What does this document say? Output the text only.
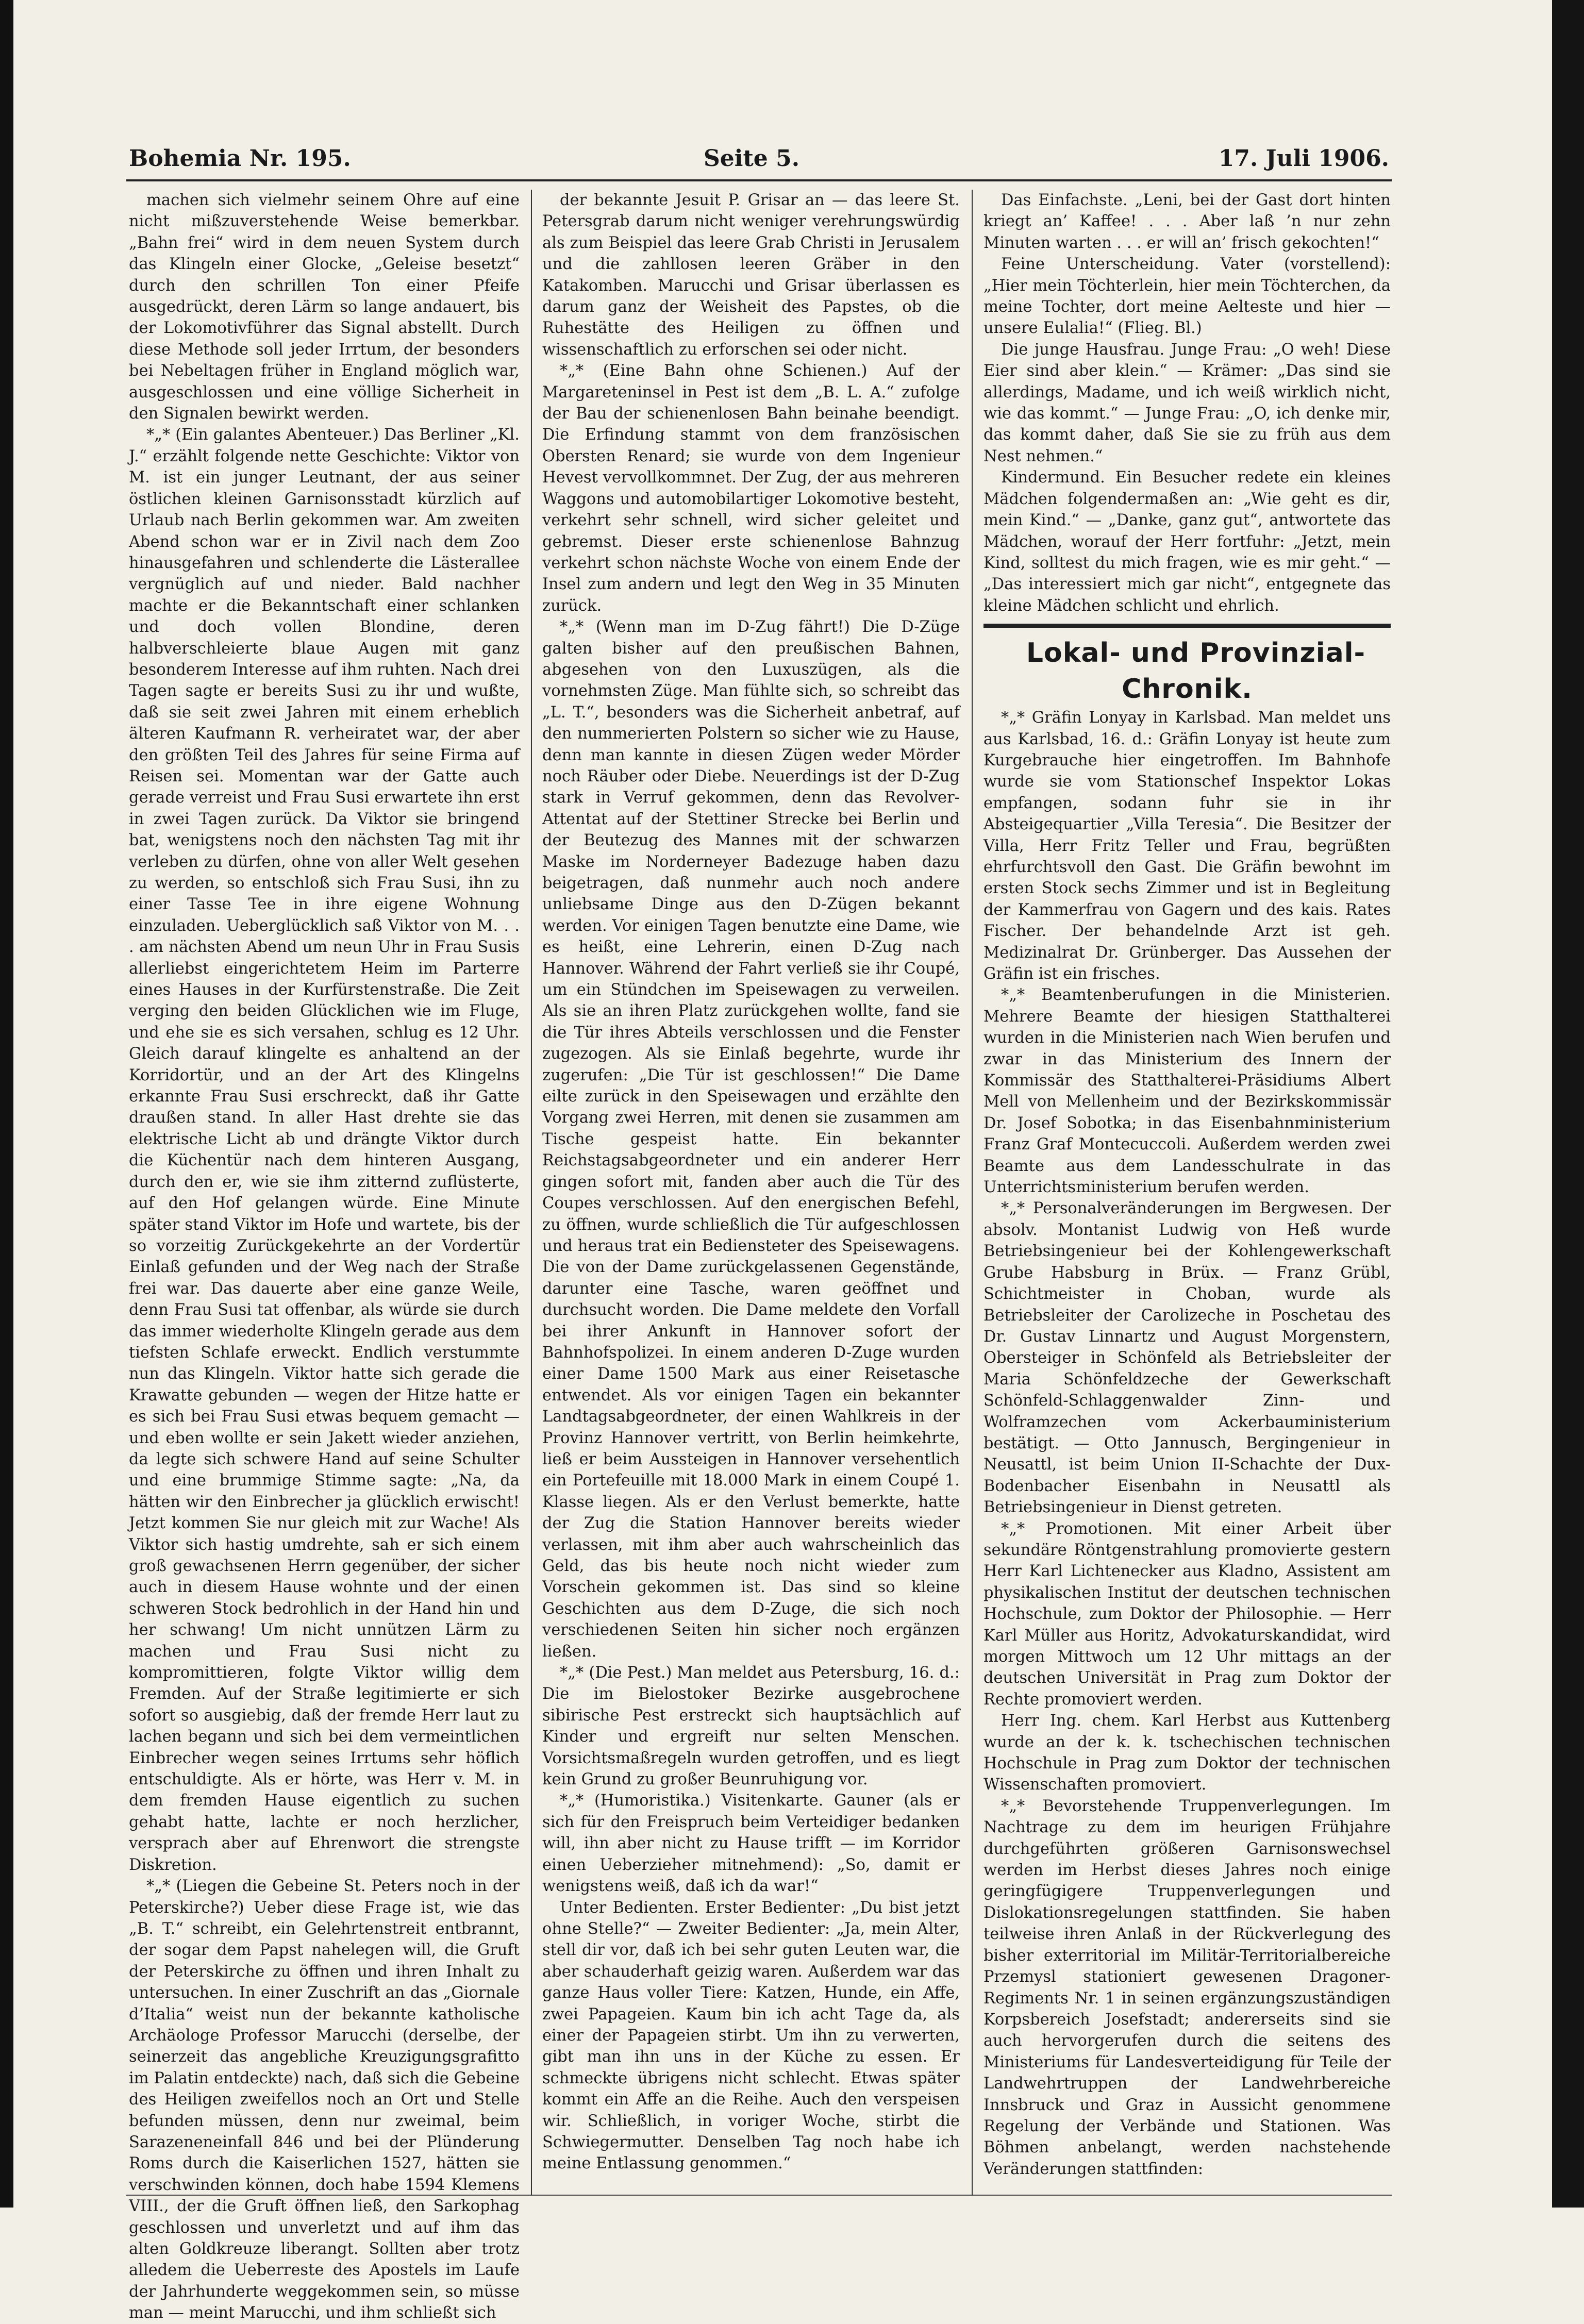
Bohemia Nr. 195.	Seite 5.	17. Juli 1906.

machen sich vielmehr seinem Ohre auf eine nicht mißzuverstehende Weise bemerkbar. „Bahn frei“ wird in dem neuen System durch das Klingeln einer Glocke, „Geleise besetzt“ durch den schrillen Ton einer Pfeife ausgedrückt, deren Lärm so lange andauert, bis der Lokomotivführer das Signal abstellt. Durch diese Methode soll jeder Irrtum, der besonders bei Nebeltagen früher in England möglich war, ausgeschlossen und eine völlige Sicherheit in den Signalen bewirkt werden.

*„* (Ein galantes Abenteuer.) Das Berliner „Kl. J.“ erzählt folgende nette Geschichte: Viktor von M. ist ein junger Leutnant, der aus seiner östlichen kleinen Garnisonsstadt kürzlich auf Urlaub nach Berlin gekommen war. Am zweiten Abend schon war er in Zivil nach dem Zoo hinausgefahren und schlenderte die Lästerallee vergnüglich auf und nieder. Bald nachher machte er die Bekanntschaft einer schlanken und doch vollen Blondine, deren halbverschleierte blaue Augen mit ganz besonderem Interesse auf ihm ruhten. Nach drei Tagen sagte er bereits Susi zu ihr und wußte, daß sie seit zwei Jahren mit einem erheblich älteren Kaufmann R. verheiratet war, der aber den größten Teil des Jahres für seine Firma auf Reisen sei. Momentan war der Gatte auch gerade verreist und Frau Susi erwartete ihn erst in zwei Tagen zurück. Da Viktor sie bringend bat, wenigstens noch den nächsten Tag mit ihr verleben zu dürfen, ohne von aller Welt gesehen zu werden, so entschloß sich Frau Susi, ihn zu einer Tasse Tee in ihre eigene Wohnung einzuladen. Ueberglücklich saß Viktor von M. . . . am nächsten Abend um neun Uhr in Frau Susis allerliebst eingerichtetem Heim im Parterre eines Hauses in der Kurfürstenstraße. Die Zeit verging den beiden Glücklichen wie im Fluge, und ehe sie es sich versahen, schlug es 12 Uhr. Gleich darauf klingelte es anhaltend an der Korridortür, und an der Art des Klingelns erkannte Frau Susi erschreckt, daß ihr Gatte draußen stand. In aller Hast drehte sie das elektrische Licht ab und drängte Viktor durch die Küchentür nach dem hinteren Ausgang, durch den er, wie sie ihm zitternd zuflüsterte, auf den Hof gelangen würde. Eine Minute später stand Viktor im Hofe und wartete, bis der so vorzeitig Zurückgekehrte an der Vordertür Einlaß gefunden und der Weg nach der Straße frei war. Das dauerte aber eine ganze Weile, denn Frau Susi tat offenbar, als würde sie durch das immer wiederholte Klingeln gerade aus dem tiefsten Schlafe erweckt. Endlich verstummte nun das Klingeln. Viktor hatte sich gerade die Krawatte gebunden — wegen der Hitze hatte er es sich bei Frau Susi etwas bequem gemacht — und eben wollte er sein Jakett wieder anziehen, da legte sich schwere Hand auf seine Schulter und eine brummige Stimme sagte: „Na, da hätten wir den Einbrecher ja glücklich erwischt! Jetzt kommen Sie nur gleich mit zur Wache! Als Viktor sich hastig umdrehte, sah er sich einem groß gewachsenen Herrn gegenüber, der sicher auch in diesem Hause wohnte und der einen schweren Stock bedrohlich in der Hand hin und her schwang! Um nicht unnützen Lärm zu machen und Frau Susi nicht zu kompromittieren, folgte Viktor willig dem Fremden. Auf der Straße legitimierte er sich sofort so ausgiebig, daß der fremde Herr laut zu lachen begann und sich bei dem vermeintlichen Einbrecher wegen seines Irrtums sehr höflich entschuldigte. Als er hörte, was Herr v. M. in dem fremden Hause eigentlich zu suchen gehabt hatte, lachte er noch herzlicher, versprach aber auf Ehrenwort die strengste Diskretion.

*„* (Liegen die Gebeine St. Peters noch in der Peterskirche?) Ueber diese Frage ist, wie das „B. T.“ schreibt, ein Gelehrtenstreit entbrannt, der sogar dem Papst nahelegen will, die Gruft der Peterskirche zu öffnen und ihren Inhalt zu untersuchen. In einer Zuschrift an das „Giornale d’Italia“ weist nun der bekannte katholische Archäologe Professor Marucchi (derselbe, der seinerzeit das angebliche Kreuzigungsgrafitto im Palatin entdeckte) nach, daß sich die Gebeine des Heiligen zweifellos noch an Ort und Stelle befunden müssen, denn nur zweimal, beim Sarazeneneinfall 846 und bei der Plünderung Roms durch die Kaiserlichen 1527, hätten sie verschwinden können, doch habe 1594 Klemens VIII., der die Gruft öffnen ließ, den Sarkophag geschlossen und unverletzt und auf ihm das alten Goldkreuze liberangt. Sollten aber trotz alledem die Ueberreste des Apostels im Laufe der Jahrhunderte weggekommen sein, so müsse man — meint Marucchi, und ihm schließt sich

der bekannte Jesuit P. Grisar an — das leere St. Petersgrab darum nicht weniger verehrungswürdig als zum Beispiel das leere Grab Christi in Jerusalem und die zahllosen leeren Gräber in den Katakomben. Marucchi und Grisar überlassen es darum ganz der Weisheit des Papstes, ob die Ruhestätte des Heiligen zu öffnen und wissenschaftlich zu erforschen sei oder nicht.

*„* (Eine Bahn ohne Schienen.) Auf der Margareteninsel in Pest ist dem „B. L. A.“ zufolge der Bau der schienenlosen Bahn beinahe beendigt. Die Erfindung stammt von dem französischen Obersten Renard; sie wurde von dem Ingenieur Hevest vervollkommnet. Der Zug, der aus mehreren Waggons und automobilartiger Lokomotive besteht, verkehrt sehr schnell, wird sicher geleitet und gebremst. Dieser erste schienenlose Bahnzug verkehrt schon nächste Woche von einem Ende der Insel zum andern und legt den Weg in 35 Minuten zurück.

*„* (Wenn man im D-Zug fährt!) Die D-Züge galten bisher auf den preußischen Bahnen, abgesehen von den Luxuszügen, als die vornehmsten Züge. Man fühlte sich, so schreibt das „L. T.“, besonders was die Sicherheit anbetraf, auf den nummerierten Polstern so sicher wie zu Hause, denn man kannte in diesen Zügen weder Mörder noch Räuber oder Diebe. Neuerdings ist der D-Zug stark in Verruf gekommen, denn das Revolver-Attentat auf der Stettiner Strecke bei Berlin und der Beutezug des Mannes mit der schwarzen Maske im Norderneyer Badezuge haben dazu beigetragen, daß nunmehr auch noch andere unliebsame Dinge aus den D-Zügen bekannt werden. Vor einigen Tagen benutzte eine Dame, wie es heißt, eine Lehrerin, einen D-Zug nach Hannover. Während der Fahrt verließ sie ihr Coupé, um ein Stündchen im Speisewagen zu verweilen. Als sie an ihren Platz zurückgehen wollte, fand sie die Tür ihres Abteils verschlossen und die Fenster zugezogen. Als sie Einlaß begehrte, wurde ihr zugerufen: „Die Tür ist geschlossen!“ Die Dame eilte zurück in den Speisewagen und erzählte den Vorgang zwei Herren, mit denen sie zusammen am Tische gespeist hatte. Ein bekannter Reichstagsabgeordneter und ein anderer Herr gingen sofort mit, fanden aber auch die Tür des Coupes verschlossen. Auf den energischen Befehl, zu öffnen, wurde schließlich die Tür aufgeschlossen und heraus trat ein Bediensteter des Speisewagens. Die von der Dame zurückgelassenen Gegenstände, darunter eine Tasche, waren geöffnet und durchsucht worden. Die Dame meldete den Vorfall bei ihrer Ankunft in Hannover sofort der Bahnhofspolizei. In einem anderen D-Zuge wurden einer Dame 1500 Mark aus einer Reisetasche entwendet. Als vor einigen Tagen ein bekannter Landtagsabgeordneter, der einen Wahlkreis in der Provinz Hannover vertritt, von Berlin heimkehrte, ließ er beim Aussteigen in Hannover versehentlich ein Portefeuille mit 18.000 Mark in einem Coupé 1. Klasse liegen. Als er den Verlust bemerkte, hatte der Zug die Station Hannover bereits wieder verlassen, mit ihm aber auch wahrscheinlich das Geld, das bis heute noch nicht wieder zum Vorschein gekommen ist. Das sind so kleine Geschichten aus dem D-Zuge, die sich noch verschiedenen Seiten hin sicher noch ergänzen ließen.

*„* (Die Pest.) Man meldet aus Petersburg, 16. d.: Die im Bielostoker Bezirke ausgebrochene sibirische Pest erstreckt sich hauptsächlich auf Kinder und ergreift nur selten Menschen. Vorsichtsmaßregeln wurden getroffen, und es liegt kein Grund zu großer Beunruhigung vor.

*„* (Humoristika.) Visitenkarte. Gauner (als er sich für den Freispruch beim Verteidiger bedanken will, ihn aber nicht zu Hause trifft — im Korridor einen Ueberzieher mitnehmend): „So, damit er wenigstens weiß, daß ich da war!“

Unter Bedienten. Erster Bedienter: „Du bist jetzt ohne Stelle?“ — Zweiter Bedienter: „Ja, mein Alter, stell dir vor, daß ich bei sehr guten Leuten war, die aber schauderhaft geizig waren. Außerdem war das ganze Haus voller Tiere: Katzen, Hunde, ein Affe, zwei Papageien. Kaum bin ich acht Tage da, als einer der Papageien stirbt. Um ihn zu verwerten, gibt man ihn uns in der Küche zu essen. Er schmeckte übrigens nicht schlecht. Etwas später kommt ein Affe an die Reihe. Auch den verspeisen wir. Schließlich, in voriger Woche, stirbt die Schwiegermutter. Denselben Tag noch habe ich meine Entlassung genommen.“

Das Einfachste. „Leni, bei der Gast dort hinten kriegt an’ Kaffee! . . . Aber laß ’n nur zehn Minuten warten . . . er will an’ frisch gekochten!“

Feine Unterscheidung. Vater (vorstellend): „Hier mein Töchterlein, hier mein Töchterchen, da meine Tochter, dort meine Aelteste und hier — unsere Eulalia!“ (Flieg. Bl.)

Die junge Hausfrau. Junge Frau: „O weh! Diese Eier sind aber klein.“ — Krämer: „Das sind sie allerdings, Madame, und ich weiß wirklich nicht, wie das kommt.“ — Junge Frau: „O, ich denke mir, das kommt daher, daß Sie sie zu früh aus dem Nest nehmen.“

Kindermund. Ein Besucher redete ein kleines Mädchen folgendermaßen an: „Wie geht es dir, mein Kind.“ — „Danke, ganz gut“, antwortete das Mädchen, worauf der Herr fortfuhr: „Jetzt, mein Kind, solltest du mich fragen, wie es mir geht.“ — „Das interessiert mich gar nicht“, entgegnete das kleine Mädchen schlicht und ehrlich.

Lokal- und Provinzial-Chronik.

*„* Gräfin Lonyay in Karlsbad. Man meldet uns aus Karlsbad, 16. d.: Gräfin Lonyay ist heute zum Kurgebrauche hier eingetroffen. Im Bahnhofe wurde sie vom Stationschef Inspektor Lokas empfangen, sodann fuhr sie in ihr Absteigequartier „Villa Teresia“. Die Besitzer der Villa, Herr Fritz Teller und Frau, begrüßten ehrfurchtsvoll den Gast. Die Gräfin bewohnt im ersten Stock sechs Zimmer und ist in Begleitung der Kammerfrau von Gagern und des kais. Rates Fischer. Der behandelnde Arzt ist geh. Medizinalrat Dr. Grünberger. Das Aussehen der Gräfin ist ein frisches.

*„* Beamtenberufungen in die Ministerien. Mehrere Beamte der hiesigen Statthalterei wurden in die Ministerien nach Wien berufen und zwar in das Ministerium des Innern der Kommissär des Statthalterei-Präsidiums Albert Mell von Mellenheim und der Bezirkskommissär Dr. Josef Sobotka; in das Eisenbahnministerium Franz Graf Montecuccoli. Außerdem werden zwei Beamte aus dem Landesschulrate in das Unterrichtsministerium berufen werden.

*„* Personalveränderungen im Bergwesen. Der absolv. Montanist Ludwig von Heß wurde Betriebsingenieur bei der Kohlengewerkschaft Grube Habsburg in Brüx. — Franz Grübl, Schichtmeister in Choban, wurde als Betriebsleiter der Carolizeche in Poschetau des Dr. Gustav Linnartz und August Morgenstern, Obersteiger in Schönfeld als Betriebsleiter der Maria Schönfeldzeche der Gewerkschaft Schönfeld-Schlaggenwalder Zinn- und Wolframzechen vom Ackerbauministerium bestätigt. — Otto Jannusch, Bergingenieur in Neusattl, ist beim Union II-Schachte der Dux-Bodenbacher Eisenbahn in Neusattl als Betriebsingenieur in Dienst getreten.

*„* Promotionen. Mit einer Arbeit über sekundäre Röntgenstrahlung promovierte gestern Herr Karl Lichtenecker aus Kladno, Assistent am physikalischen Institut der deutschen technischen Hochschule, zum Doktor der Philosophie. — Herr Karl Müller aus Horitz, Advokaturskandidat, wird morgen Mittwoch um 12 Uhr mittags an der deutschen Universität in Prag zum Doktor der Rechte promoviert werden.

Herr Ing. chem. Karl Herbst aus Kuttenberg wurde an der k. k. tschechischen technischen Hochschule in Prag zum Doktor der technischen Wissenschaften promoviert.

*„* Bevorstehende Truppenverlegungen. Im Nachtrage zu dem im heurigen Frühjahre durchgeführten größeren Garnisonswechsel werden im Herbst dieses Jahres noch einige geringfügigere Truppenverlegungen und Dislokationsregelungen stattfinden. Sie haben teilweise ihren Anlaß in der Rückverlegung des bisher exterritorial im Militär-Territorialbereiche Przemysl stationiert gewesenen Dragoner-Regiments Nr. 1 in seinen ergänzungszuständigen Korpsbereich Josefstadt; andererseits sind sie auch hervorgerufen durch die seitens des Ministeriums für Landesverteidigung für Teile der Landwehrtruppen der Landwehrbereiche Innsbruck und Graz in Aussicht genommene Regelung der Verbände und Stationen. Was Böhmen anbelangt, werden nachstehende Veränderungen stattfinden:
